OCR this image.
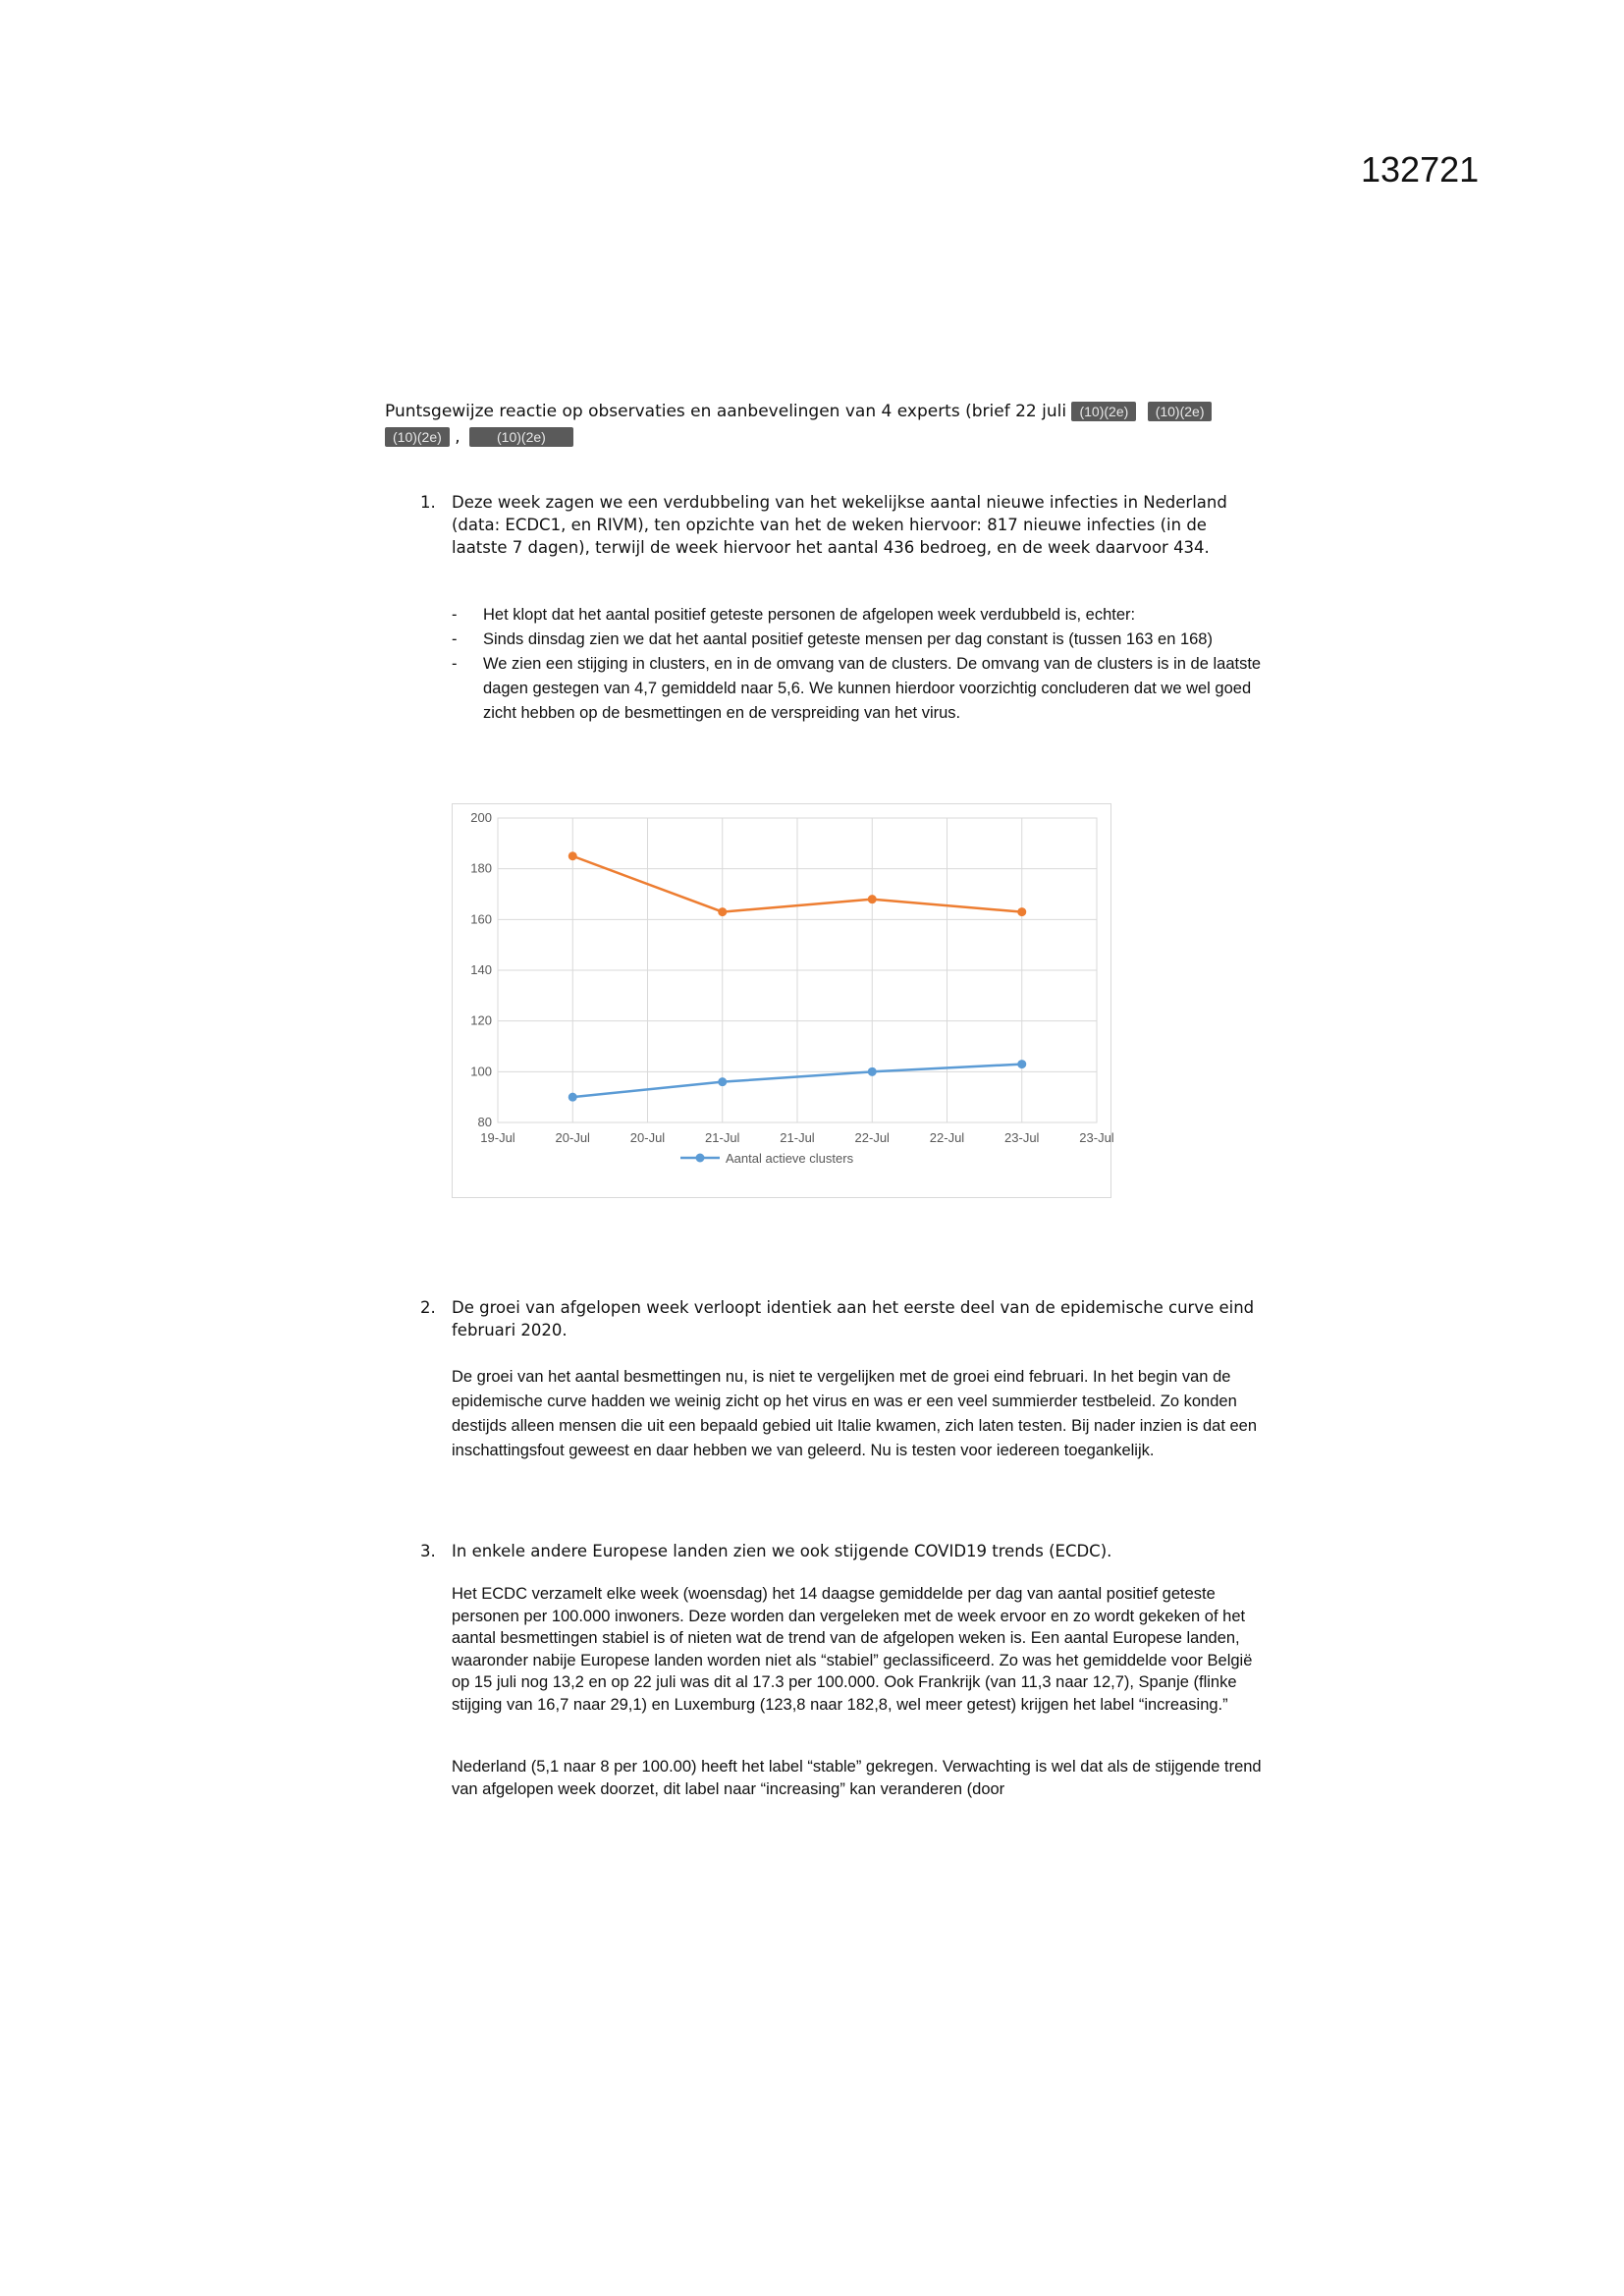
132721
Puntsgewijze reactie op observaties en aanbevelingen van 4 experts (brief 22 juli (10)(2e) (10)(2e)
(10)(2e) ,	(10)(2e)
1. Deze week zagen we een verdubbeling van het wekelijkse aantal nieuwe infecties in Nederland (data: ECDC1, en RIVM), ten opzichte van het de weken hiervoor: 817 nieuwe infecties (in de laatste 7 dagen), terwijl de week hiervoor het aantal 436 bedroeg, en de week daarvoor 434.

- Het klopt dat het aantal positief geteste personen de afgelopen week verdubbeld is, echter:
- Sinds dinsdag zien we dat het aantal positief geteste mensen per dag constant is (tussen 163 en 168)
- We zien een stijging in clusters, en in de omvang van de clusters. De omvang van de clusters is in de laatste dagen gestegen van 4,7 gemiddeld naar 5,6. We kunnen hierdoor voorzichtig concluderen dat we wel goed zicht hebben op de besmettingen en de verspreiding van het virus.
80
100
120
140
160
180
200
19-Jul	20-Jul	20-Jul	21-Jul	21-Jul	22-Jul	22-Jul	23-Jul	23-Jul
Aantal actieve clusters
2. De groei van afgelopen week verloopt identiek aan het eerste deel van de epidemische curve eind februari 2020.

De groei van het aantal besmettingen nu, is niet te vergelijken met de groei eind februari. In het begin van de epidemische curve hadden we weinig zicht op het virus en was er een veel summierder testbeleid. Zo konden destijds alleen mensen die uit een bepaald gebied uit Italie kwamen, zich laten testen. Bij nader inzien is dat een inschattingsfout geweest en daar hebben we van geleerd. Nu is testen voor iedereen toegankelijk.
3. In enkele andere Europese landen zien we ook stijgende COVID19 trends (ECDC).

Het ECDC verzamelt elke week (woensdag) het 14 daagse gemiddelde per dag van aantal positief geteste personen per 100.000 inwoners. Deze worden dan vergeleken met de week ervoor en zo wordt gekeken of het aantal besmettingen stabiel is of nieten wat de trend van de afgelopen weken is. Een aantal Europese landen, waaronder nabije Europese landen worden niet als “stabiel” geclassificeerd. Zo was het gemiddelde voor België op 15 juli nog 13,2 en op 22 juli was dit al 17.3 per 100.000. Ook Frankrijk (van 11,3 naar 12,7), Spanje (flinke stijging van 16,7 naar 29,1) en Luxemburg (123,8 naar 182,8, wel meer getest) krijgen het label “increasing.”
Nederland (5,1 naar 8 per 100.00) heeft het label “stable” gekregen. Verwachting is wel dat als de stijgende trend van afgelopen week doorzet, dit label naar “increasing” kan veranderen (door
